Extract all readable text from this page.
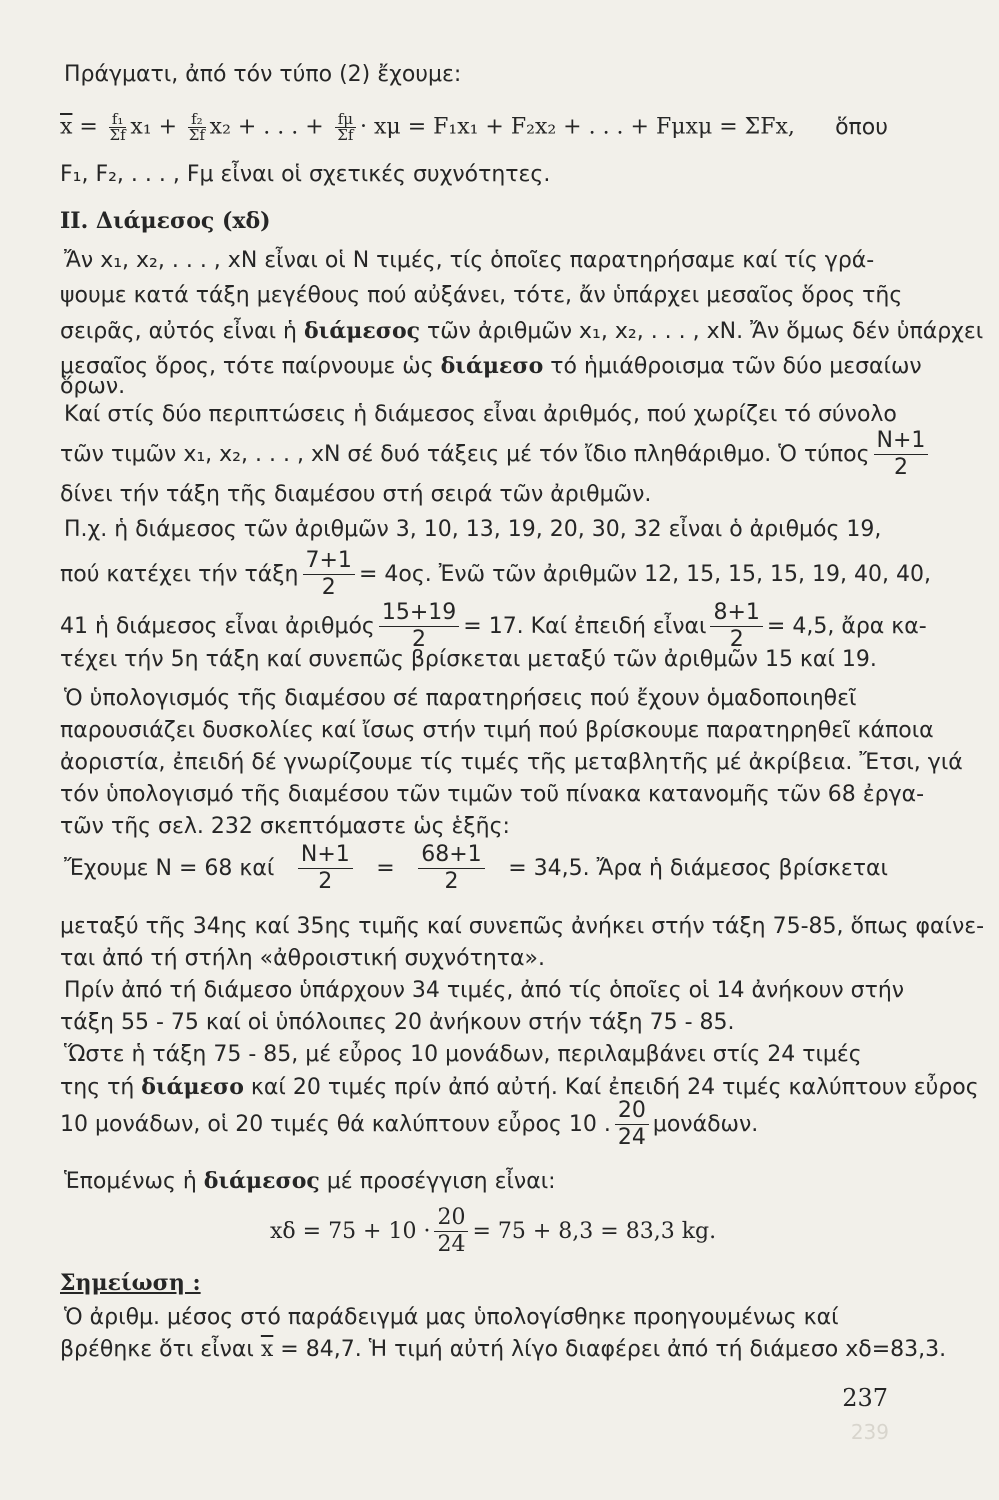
Πράγματι, ἀπό τόν τύπο (2) ἔχουμε:
$\overline{x} = \frac{\text{f₁}}{\Sigma f} x_1 + \frac{\text{f₂}}{\Sigma f} x_2$ + . . . + $\frac{f\mu}{\Sigma f} \cdot x\mu = F_1x_1 + F_2x_2$ + . . . + Fμxμ = ΣFx, ὅπου
F₁, F₂, . . . , Fμ εἶναι οἱ σχετικές συχνότητες.
II. Διάμεσος (xδ)
Ἄν x₁, x₂, . . . , xN εἶναι οἱ N τιμές, τίς ὁποῖες παρατηρήσαμε καί τίς γρά-
ψουμε κατά τάξη μεγέθους πού αὐξάνει, τότε, ἄν ὑπάρχει μεσαῖος ὅρος τῆς
σειρᾶς, αὐτός εἶναι ἡ διάμεσος τῶν ἀριθμῶν x₁, x₂, . . . , xN. Ἄν ὅμως δέν ὑπάρχει
μεσαῖος ὅρος, τότε παίρνουμε ὡς διάμεσο τό ἡμιάθροισμα τῶν δύο μεσαίων
ὅρων.
Καί στίς δύο περιπτώσεις ἡ διάμεσος εἶναι ἀριθμός, πού χωρίζει τό σύνολο
τῶν τιμῶν x₁, x₂, . . . , xN σέ δυό τάξεις μέ τόν ἴδιο πληθάριθμο. Ὁ τύπος $\frac{N+1}{2}$
δίνει τήν τάξη τῆς διαμέσου στή σειρά τῶν ἀριθμῶν.
Π.χ. ἡ διάμεσος τῶν ἀριθμῶν 3, 10, 13, 19, 20, 30, 32 εἶναι ὁ ἀριθμός 19,
πού κατέχει τήν τάξη $\frac{7+1}{2} = 4o\varsigma$. Ἐνῶ τῶν ἀριθμῶν 12, 15, 15, 15, 19, 40, 40,
41 ἡ διάμεσος εἶναι ἀριθμός $\frac{15+19}{2} = 17$. Καί ἐπειδή εἶναι $\frac{8+1}{2} = 4,5$, ἄρα κα-
τέχει τήν 5η τάξη καί συνεπῶς βρίσκεται μεταξύ τῶν ἀριθμῶν 15 καί 19.
Ὁ ὑπολογισμός τῆς διαμέσου σέ παρατηρήσεις πού ἔχουν ὁμαδοποιηθεῖ
παρουσιάζει δυσκολίες καί ἴσως στήν τιμή πού βρίσκουμε παρατηρηθεῖ κάποια
ἀοριστία, ἐπειδή δέ γνωρίζουμε τίς τιμές τῆς μεταβλητῆς μέ ἀκρίβεια. Ἔτσι, γιά
τόν ὑπολογισμό τῆς διαμέσου τῶν τιμῶν τοῦ πίνακα κατανομῆς τῶν 68 ἐργα-
τῶν τῆς σελ. 232 σκεπτόμαστε ὡς ἑξῆς:
Ἔχουμε N = 68 καί $\frac{N+1}{2} = \frac{68+1}{2} = 34,5$. Ἄρα ἡ διάμεσος βρίσκεται
μεταξύ τῆς 34ης καί 35ης τιμῆς καί συνεπῶς ἀνήκει στήν τάξη 75-85, ὅπως φαίνε-
ται ἀπό τή στήλη «ἀθροιστική συχνότητα».
Πρίν ἀπό τή διάμεσο ὑπάρχουν 34 τιμές, ἀπό τίς ὁποῖες οἱ 14 ἀνήκουν στήν
τάξη 55 - 75 καί οἱ ὑπόλοιπες 20 ἀνήκουν στήν τάξη 75 - 85.
Ὥστε ἡ τάξη 75 - 85, μέ εὖρος 10 μονάδων, περιλαμβάνει στίς 24 τιμές
της τή διάμεσο καί 20 τιμές πρίν ἀπό αὐτή. Καί ἐπειδή 24 τιμές καλύπτουν εὖρος
10 μονάδων, οἱ 20 τιμές θά καλύπτουν εὖρος 10 . $\frac{20}{24} \mu o\nu ά\delta\omega\nu$.
Ἑπομένως ἡ διάμεσος μέ προσέγγιση εἶναι:
$x\delta = 75 + 10 \cdot \frac{20}{24} = 75 + 8,3 = 83,3$ kg.
Σημείωση :
Ὁ ἀριθμ. μέσος στό παράδειγμά μας ὑπολογίσθηκε προηγουμένως καί
βρέθηκε ὅτι εἶναι $\overline{x} = 84,7$. Ἡ τιμή αὐτή λίγο διαφέρει ἀπό τή διάμεσο xδ=83,3.
237
239
